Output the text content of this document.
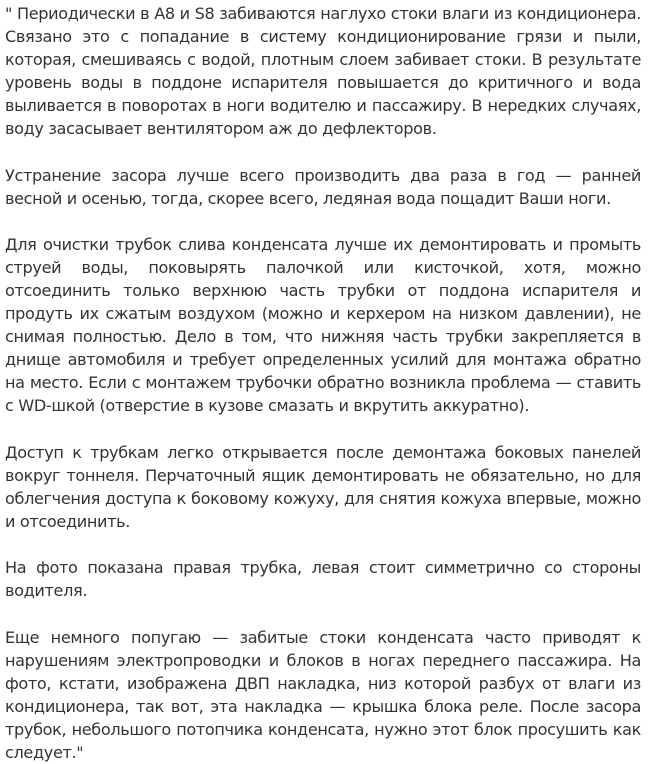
" Периодически в А8 и S8 забиваются наглухо стоки влаги из кондиционера. Связано это с попадание в систему кондиционирование грязи и пыли, которая, смешиваясь с водой, плотным слоем забивает стоки. В результате уровень воды в поддоне испарителя повышается до критичного и вода выливается в поворотах в ноги водителю и пассажиру. В нередких случаях, воду засасывает вентилятором аж до дефлекторов.

Устранение засора лучше всего производить два раза в год — ранней весной и осенью, тогда, скорее всего, ледяная вода пощадит Ваши ноги.

Для очистки трубок слива конденсата лучше их демонтировать и промыть струей воды, поковырять палочкой или кисточкой, хотя, можно отсоединить только верхнюю часть трубки от поддона испарителя и продуть их сжатым воздухом (можно и керхером на низком давлении), не снимая полностью. Дело в том, что нижняя часть трубки закрепляется в днище автомобиля и требует определенных усилий для монтажа обратно на место. Если с монтажем трубочки обратно возникла проблема — ставить с WD-шкой (отверстие в кузове смазать и вкрутить аккуратно).

Доступ к трубкам легко открывается после демонтажа боковых панелей вокруг тоннеля. Перчаточный ящик демонтировать не обязательно, но для облегчения доступа к боковому кожуху, для снятия кожуха впервые, можно и отсоединить.

На фото показана правая трубка, левая стоит симметрично со стороны водителя.

Еще немного попугаю — забитые стоки конденсата часто приводят к нарушениям электропроводки и блоков в ногах переднего пассажира. На фото, кстати, изображена ДВП накладка, низ которой разбух от влаги из кондиционера, так вот, эта накладка — крышка блока реле. После засора трубок, небольшого потопчика конденсата, нужно этот блок просушить как следует."
